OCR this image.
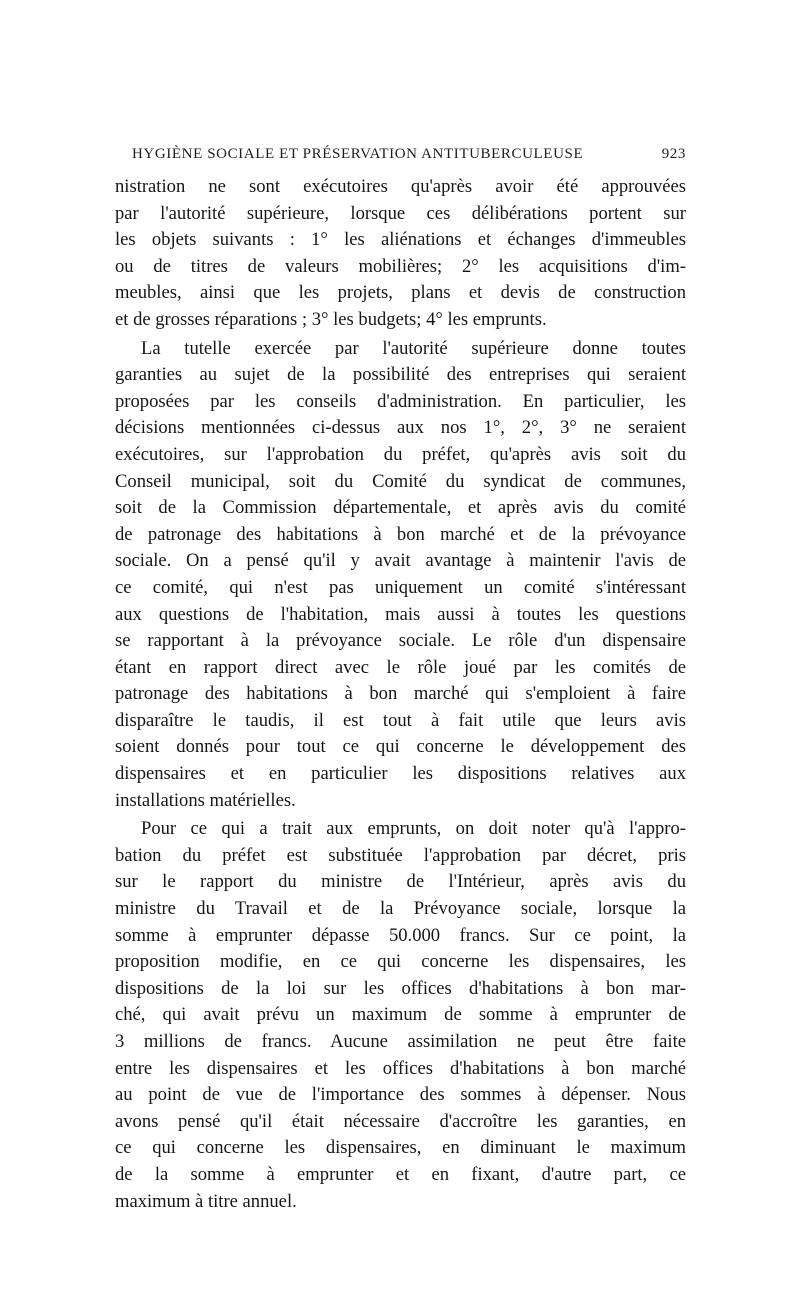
HYGIÈNE SOCIALE ET PRÉSERVATION ANTITUBERCULEUSE	923
nistration ne sont exécutoires qu'après avoir été approuvées
par l'autorité supérieure, lorsque ces délibérations portent sur
les objets suivants : 1° les aliénations et échanges d'immeubles
ou de titres de valeurs mobilières; 2° les acquisitions d'im-
meubles, ainsi que les projets, plans et devis de construction
et de grosses réparations ; 3° les budgets; 4° les emprunts.
La tutelle exercée par l'autorité supérieure donne toutes
garanties au sujet de la possibilité des entreprises qui seraient
proposées par les conseils d'administration. En particulier, les
décisions mentionnées ci-dessus aux nos 1°, 2°, 3° ne seraient
exécutoires, sur l'approbation du préfet, qu'après avis soit du
Conseil municipal, soit du Comité du syndicat de communes,
soit de la Commission départementale, et après avis du comité
de patronage des habitations à bon marché et de la prévoyance
sociale. On a pensé qu'il y avait avantage à maintenir l'avis de
ce comité, qui n'est pas uniquement un comité s'intéressant
aux questions de l'habitation, mais aussi à toutes les questions
se rapportant à la prévoyance sociale. Le rôle d'un dispensaire
étant en rapport direct avec le rôle joué par les comités de
patronage des habitations à bon marché qui s'emploient à faire
disparaître le taudis, il est tout à fait utile que leurs avis
soient donnés pour tout ce qui concerne le développement des
dispensaires et en particulier les dispositions relatives aux
installations matérielles.
Pour ce qui a trait aux emprunts, on doit noter qu'à l'appro-
bation du préfet est substituée l'approbation par décret, pris
sur le rapport du ministre de l'Intérieur, après avis du
ministre du Travail et de la Prévoyance sociale, lorsque la
somme à emprunter dépasse 50.000 francs. Sur ce point, la
proposition modifie, en ce qui concerne les dispensaires, les
dispositions de la loi sur les offices d'habitations à bon mar-
ché, qui avait prévu un maximum de somme à emprunter de
3 millions de francs. Aucune assimilation ne peut être faite
entre les dispensaires et les offices d'habitations à bon marché
au point de vue de l'importance des sommes à dépenser. Nous
avons pensé qu'il était nécessaire d'accroître les garanties, en
ce qui concerne les dispensaires, en diminuant le maximum
de la somme à emprunter et en fixant, d'autre part, ce
maximum à titre annuel.
